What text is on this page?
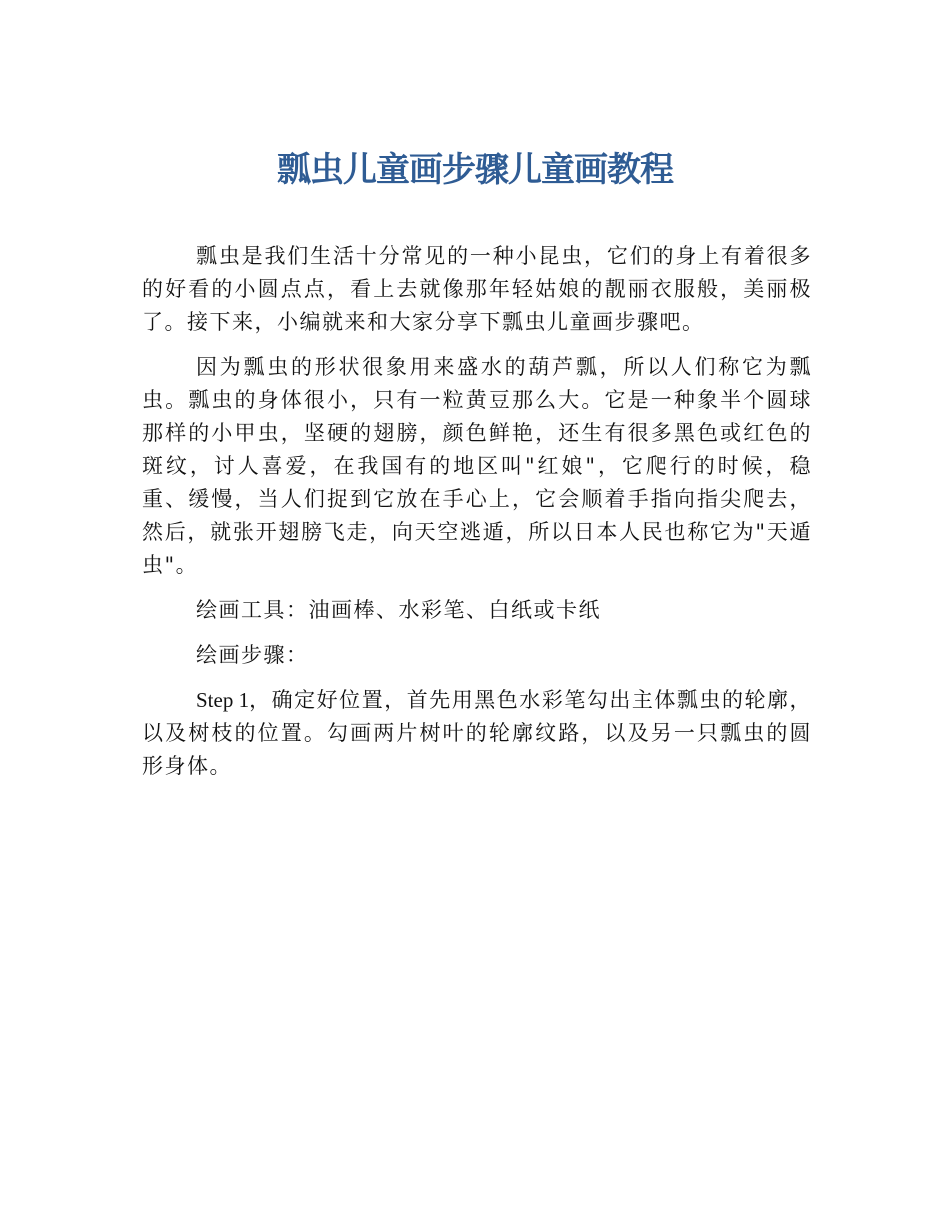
瓢虫儿童画步骤儿童画教程

瓢虫是我们生活十分常见的一种小昆虫，它们的身上有着很多的好看的小圆点点，看上去就像那年轻姑娘的靓丽衣服般，美丽极了。接下来，小编就来和大家分享下瓢虫儿童画步骤吧。

因为瓢虫的形状很象用来盛水的葫芦瓢，所以人们称它为瓢虫。瓢虫的身体很小，只有一粒黄豆那么大。它是一种象半个圆球那样的小甲虫，坚硬的翅膀，颜色鲜艳，还生有很多黑色或红色的斑纹，讨人喜爱，在我国有的地区叫"红娘"，它爬行的时候，稳重、缓慢，当人们捉到它放在手心上，它会顺着手指向指尖爬去，然后，就张开翅膀飞走，向天空逃遁，所以日本人民也称它为"天遁虫"。

绘画工具：油画棒、水彩笔、白纸或卡纸

绘画步骤：

Step 1，确定好位置，首先用黑色水彩笔勾出主体瓢虫的轮廓，以及树枝的位置。勾画两片树叶的轮廓纹路，以及另一只瓢虫的圆形身体。
